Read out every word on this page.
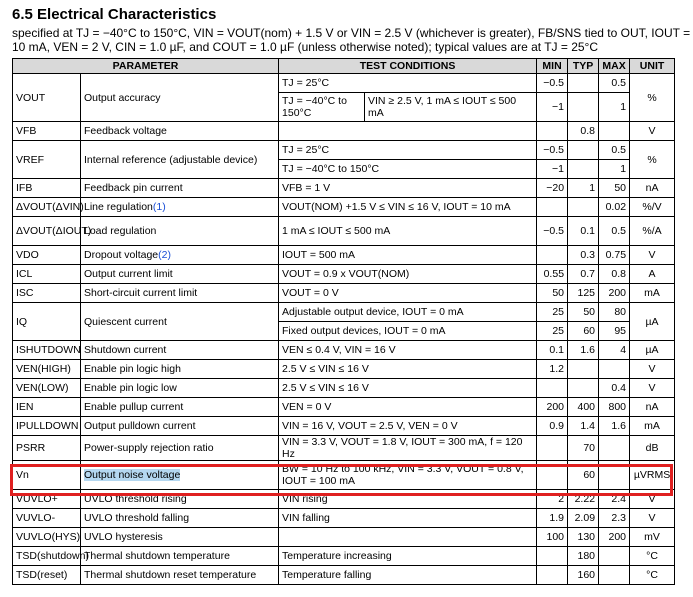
6.5 Electrical Characteristics
specified at TJ = −40°C to 150°C, VIN = VOUT(nom) + 1.5 V or VIN = 2.5 V (whichever is greater), FB/SNS tied to OUT, IOUT =
10 mA, VEN = 2 V, CIN = 1.0 µF, and COUT = 1.0 µF (unless otherwise noted); typical values are at TJ = 25°C
PARAMETER		TEST CONDITIONS		MIN	TYP	MAX	UNIT
VOUT	Output accuracy	TJ = 25°C		−0.5		0.5	%
		TJ = −40°C to 150°C	VIN ≥ 2.5 V, 1 mA ≤ IOUT ≤ 500 mA	−1		1	
VFB	Feedback voltage				0.8		V
VREF	Internal reference (adjustable device)	TJ = 25°C		−0.5		0.5	%
		TJ = −40°C to 150°C		−1		1	
IFB	Feedback pin current	VFB = 1 V		−20	1	50	nA
ΔVOUT(ΔVIN)	Line regulation(1)	VOUT(NOM) +1.5 V ≤ VIN ≤ 16 V, IOUT = 10 mA				0.02	%/V
ΔVOUT(ΔIOUT)	Load regulation	1 mA ≤ IOUT ≤ 500 mA		−0.5	0.1	0.5	%/A
VDO	Dropout voltage(2)	IOUT = 500 mA			0.3	0.75	V
ICL	Output current limit	VOUT = 0.9 x VOUT(NOM)		0.55	0.7	0.8	A
ISC	Short-circuit current limit	VOUT = 0 V		50	125	200	mA
IQ	Quiescent current	Adjustable output device, IOUT = 0 mA		25	50	80	µA
		Fixed output devices, IOUT = 0 mA		25	60	95	
ISHUTDOWN	Shutdown current	VEN ≤ 0.4 V, VIN = 16 V		0.1	1.6	4	µA
VEN(HIGH)	Enable pin logic high	2.5 V ≤ VIN ≤ 16 V		1.2			V
VEN(LOW)	Enable pin logic low	2.5 V ≤ VIN ≤ 16 V				0.4	V
IEN	Enable pullup current	VEN = 0 V		200	400	800	nA
IPULLDOWN	Output pulldown current	VIN = 16 V, VOUT = 2.5 V, VEN = 0 V		0.9	1.4	1.6	mA
PSRR	Power-supply rejection ratio	VIN = 3.3 V, VOUT = 1.8 V, IOUT = 300 mA, f = 120 Hz			70		dB
Vn	Output noise voltage	BW = 10 Hz to 100 kHz, VIN = 3.3 V, VOUT = 0.8 V, IOUT = 100 mA			60		µVRMS
VUVLO+	UVLO threshold rising	VIN rising		2	2.22	2.4	V
VUVLO-	UVLO threshold falling	VIN falling		1.9	2.09	2.3	V
VUVLO(HYS)	UVLO hysteresis			100	130	200	mV
TSD(shutdown)	Thermal shutdown temperature	Temperature increasing			180		°C
TSD(reset)	Thermal shutdown reset temperature	Temperature falling			160		°C
